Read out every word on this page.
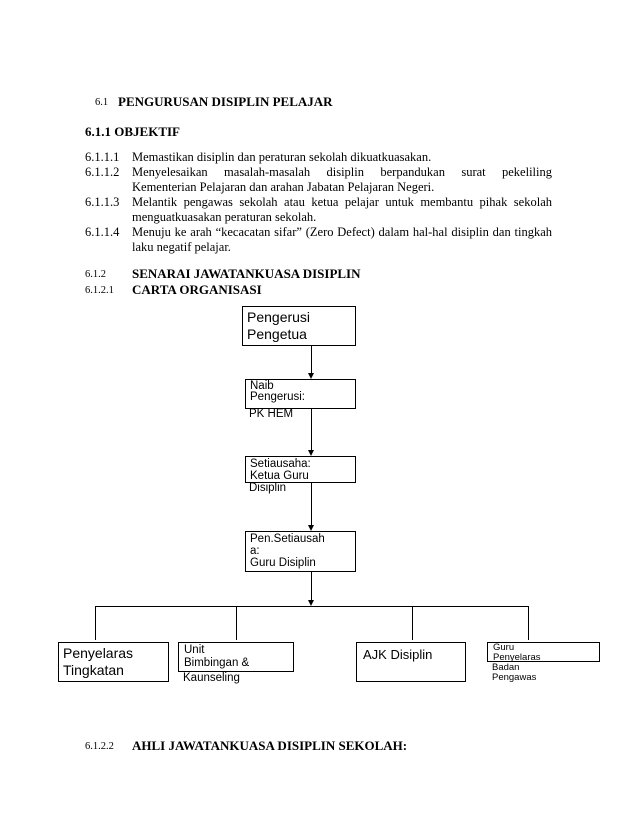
6.1 PENGURUSAN DISIPLIN PELAJAR
6.1.1 OBJEKTIF
6.1.1.1	Memastikan disiplin dan peraturan sekolah dikuatkuasakan.
6.1.1.2 Menyelesaikan masalah-masalah disiplin berpandukan surat pekeliling
Kementerian Pelajaran dan arahan Jabatan Pelajaran Negeri.
6.1.1.3 Melantik pengawas sekolah atau ketua pelajar untuk membantu pihak sekolah
menguatkuasakan peraturan sekolah.
6.1.1.4 Menuju ke arah “kecacatan sifar” (Zero Defect) dalam hal-hal disiplin dan tingkah
laku negatif pelajar.
6.1.2 SENARAI JAWATANKUASA DISIPLIN
6.1.2.1 CARTA ORGANISASI
Pengerusi
Pengetua
Naib
Pengerusi:
PK HEM
Setiausaha:
Ketua Guru
Disiplin
Pen.Setiausah
a:
Guru Disiplin
Penyelaras
Tingkatan
Unit
Bimbingan &
Kaunseling
AJK Disiplin	Guru
Penyelaras
Badan
Pengawas
6.1.2.2 AHLI JAWATANKUASA DISIPLIN SEKOLAH:
